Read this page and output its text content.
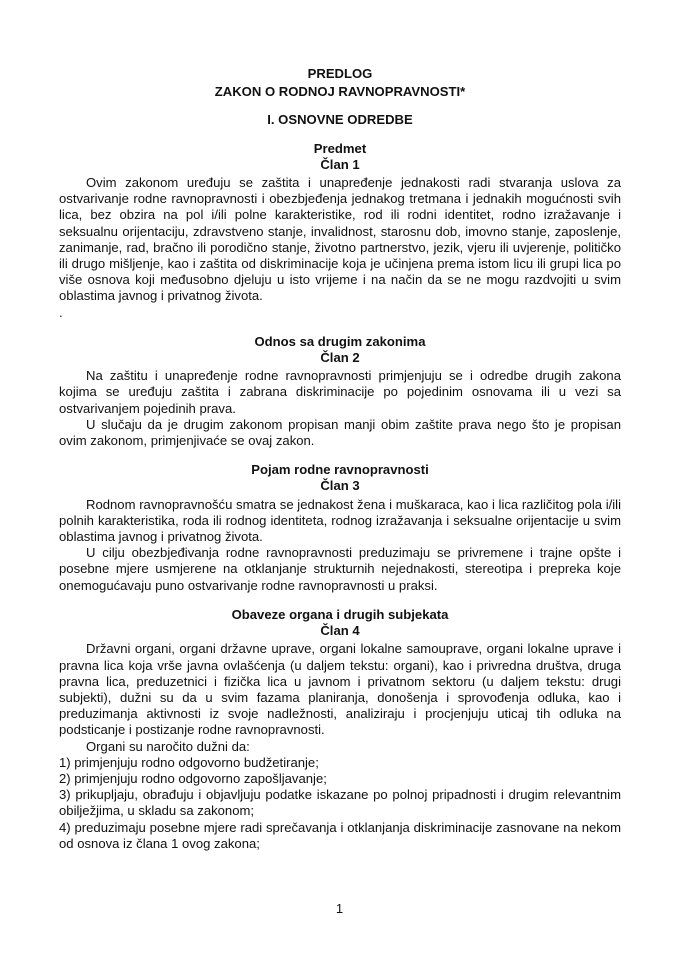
PREDLOG

ZAKON O RODNOJ RAVNOPRAVNOSTI*

I. OSNOVNE ODREDBE

Predmet

Član 1

Ovim zakonom uređuju se zaštita i unapređenje jednakosti radi stvaranja uslova za ostvarivanje rodne ravnopravnosti i obezbjeđenja jednakog tretmana i jednakih mogućnosti svih lica, bez obzira na pol i/ili polne karakteristike, rod ili rodni identitet, rodno izražavanje i seksualnu orijentaciju, zdravstveno stanje, invalidnost, starosnu dob, imovno stanje, zaposlenje, zanimanje, rad, bračno ili porodično stanje, životno partnerstvo, jezik, vjeru ili uvjerenje, političko ili drugo mišljenje, kao i zaštita od diskriminacije koja je učinjena prema istom licu ili grupi lica po više osnova koji međusobno djeluju u isto vrijeme i na način da se ne mogu razdvojiti u svim oblastima javnog i privatnog života.

.

Odnos sa drugim zakonima

Član 2

Na zaštitu i unapređenje rodne ravnopravnosti primjenjuju se i odredbe drugih zakona kojima se uređuju zaštita i zabrana diskriminacije po pojedinim osnovama ili u vezi sa ostvarivanjem pojedinih prava.

U slučaju da je drugim zakonom propisan manji obim zaštite prava nego što je propisan ovim zakonom, primjenjivaće se ovaj zakon.

Pojam rodne ravnopravnosti

Član 3

Rodnom ravnopravnošću smatra se jednakost žena i muškaraca, kao i lica različitog pola i/ili polnih karakteristika, roda ili rodnog identiteta, rodnog izražavanja i seksualne orijentacije u svim oblastima javnog i privatnog života.

U cilju obezbjeđivanja rodne ravnopravnosti preduzimaju se privremene i trajne opšte i posebne mjere usmjerene na otklanjanje strukturnih nejednakosti, stereotipa i prepreka koje onemogućavaju puno ostvarivanje rodne ravnopravnosti u praksi.

Obaveze organa i drugih subjekata

Član 4

Državni organi, organi državne uprave, organi lokalne samouprave, organi lokalne uprave i pravna lica koja vrše javna ovlašćenja (u daljem tekstu: organi), kao i privredna društva, druga pravna lica, preduzetnici i fizička lica u javnom i privatnom sektoru (u daljem tekstu: drugi subjekti), dužni su da u svim fazama planiranja, donošenja i sprovođenja odluka, kao i preduzimanja aktivnosti iz svoje nadležnosti, analiziraju i procjenjuju uticaj tih odluka na podsticanje i postizanje rodne ravnopravnosti.

Organi su naročito dužni da:

1) primjenjuju rodno odgovorno budžetiranje;

2) primjenjuju rodno odgovorno zapošljavanje;

3) prikupljaju, obrađuju i objavljuju podatke iskazane po polnoj pripadnosti i drugim relevantnim obilježjima, u skladu sa zakonom;

4) preduzimaju posebne mjere radi sprečavanja i otklanjanja diskriminacije zasnovane na nekom od osnova iz člana 1 ovog zakona;

1
